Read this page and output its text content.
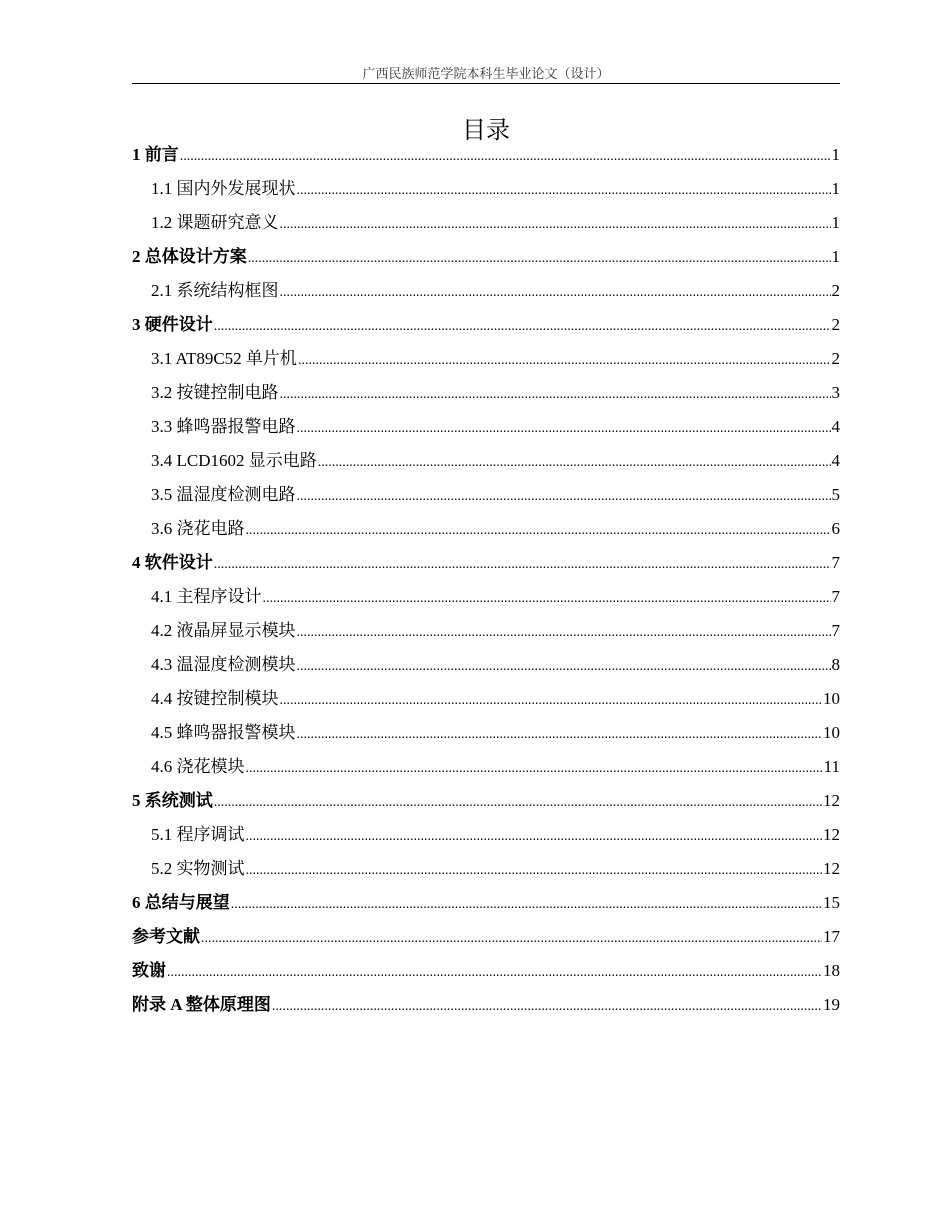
广西民族师范学院本科生毕业论文（设计）
目录
1 前言 .....	1
1.1 国内外发展现状 .....	1
1.2 课题研究意义 .....	1
2 总体设计方案 .....	1
2.1 系统结构框图 .....	2
3 硬件设计 .....	2
3.1 AT89C52 单片机 .....	2
3.2 按键控制电路 .....	3
3.3 蜂鸣器报警电路 .....	4
3.4 LCD1602 显示电路 .....	4
3.5 温湿度检测电路 .....	5
3.6 浇花电路 .....	6
4 软件设计 .....	7
4.1 主程序设计 .....	7
4.2 液晶屏显示模块 .....	7
4.3 温湿度检测模块 .....	8
4.4 按键控制模块 .....	10
4.5 蜂鸣器报警模块 .....	10
4.6 浇花模块 .....	11
5 系统测试 .....	12
5.1 程序调试 .....	12
5.2 实物测试 .....	12
6 总结与展望 .....	15
参考文献 .....	17
致谢 .....	18
附录 A 整体原理图 .....	19
